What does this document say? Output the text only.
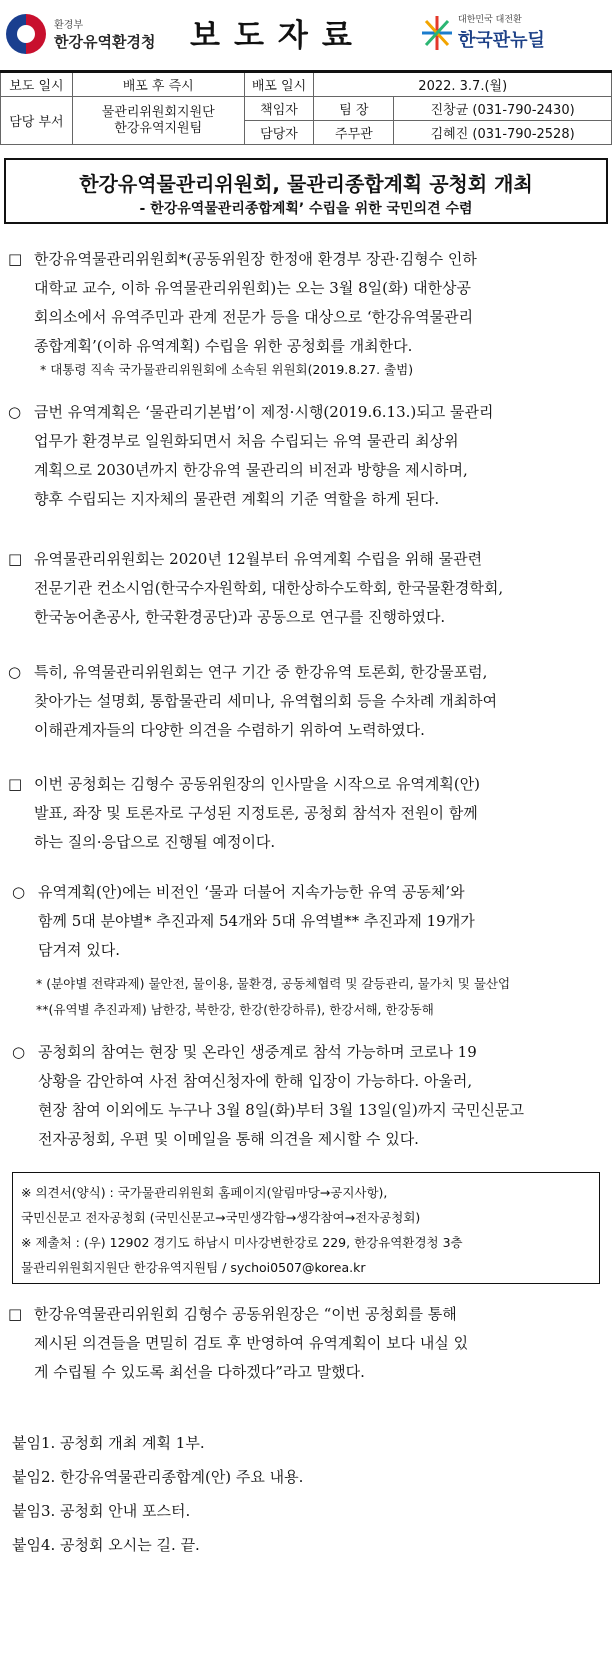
환경부
한강유역환경청 보도자료	대한민국 대전환
한국판뉴딜
보도 일시	배포 후 즉시	배포 일시	2022. 3.7.(월)	
담당 부서	물관리위원회지원단
한강유역지원팀	책임자	팀 장	진창균 (031-790-2430)
		담당자	주무관	김혜진 (031-790-2528)
한강유역물관리위원회, 물관리종합계획 공청회 개최
- 한강유역물관리종합계획’ 수립을 위한 국민의견 수렴
□ 한강유역물관리위원회*(공동위원장 한정애 환경부 장관·김형수 인하
대학교 교수, 이하 유역물관리위원회)는 오는 3월 8일(화) 대한상공
회의소에서 유역주민과 관계 전문가 등을 대상으로 ‘한강유역물관리
종합계획’(이하 유역계획) 수립을 위한 공청회를 개최한다.
* 대통령 직속 국가물관리위원회에 소속된 위원회(2019.8.27. 출범)
○ 금번 유역계획은 ‘물관리기본법’이 제정·시행(2019.6.13.)되고 물관리
업무가 환경부로 일원화되면서 처음 수립되는 유역 물관리 최상위
계획으로 2030년까지 한강유역 물관리의 비전과 방향을 제시하며,
향후 수립되는 지자체의 물관련 계획의 기준 역할을 하게 된다.
□ 유역물관리위원회는 2020년 12월부터 유역계획 수립을 위해 물관련
전문기관 컨소시엄(한국수자원학회, 대한상하수도학회, 한국물환경학회,
한국농어촌공사, 한국환경공단)과 공동으로 연구를 진행하였다.
○ 특히, 유역물관리위원회는 연구 기간 중 한강유역 토론회, 한강물포럼,
찾아가는 설명회, 통합물관리 세미나, 유역협의회 등을 수차례 개최하여
이해관계자들의 다양한 의견을 수렴하기 위하여 노력하였다.
□ 이번 공청회는 김형수 공동위원장의 인사말을 시작으로 유역계획(안)
발표, 좌장 및 토론자로 구성된 지정토론, 공청회 참석자 전원이 함께
하는 질의·응답으로 진행될 예정이다.
○ 유역계획(안)에는 비전인 ‘물과 더불어 지속가능한 유역 공동체’와
함께 5대 분야별* 추진과제 54개와 5대 유역별** 추진과제 19개가
담겨져 있다.
* (분야별 전략과제) 물안전, 물이용, 물환경, 공동체협력 및 갈등관리, 물가치 및 물산업
**(유역별 추진과제) 남한강, 북한강, 한강(한강하류), 한강서해, 한강동해
○ 공청회의 참여는 현장 및 온라인 생중계로 참석 가능하며 코로나 19
상황을 감안하여 사전 참여신청자에 한해 입장이 가능하다. 아울러,
현장 참여 이외에도 누구나 3월 8일(화)부터 3월 13일(일)까지 국민신문고
전자공청회, 우편 및 이메일을 통해 의견을 제시할 수 있다.
※ 의견서(양식) : 국가물관리위원회 홈페이지(알림마당→공지사항),
국민신문고 전자공청회 (국민신문고→국민생각함→생각참여→전자공청회)
※ 제출처 : (우) 12902 경기도 하남시 미사강변한강로 229, 한강유역환경청 3층
물관리위원회지원단 한강유역지원팀 / sychoi0507@korea.kr
□ 한강유역물관리위원회 김형수 공동위원장은 “이번 공청회를 통해
제시된 의견들을 면밀히 검토 후 반영하여 유역계획이 보다 내실 있
게 수립될 수 있도록 최선을 다하겠다”라고 말했다.
붙임1. 공청회 개최 계획 1부.
붙임2. 한강유역물관리종합계(안) 주요 내용.
붙임3. 공청회 안내 포스터.
붙임4. 공청회 오시는 길. 끝.
